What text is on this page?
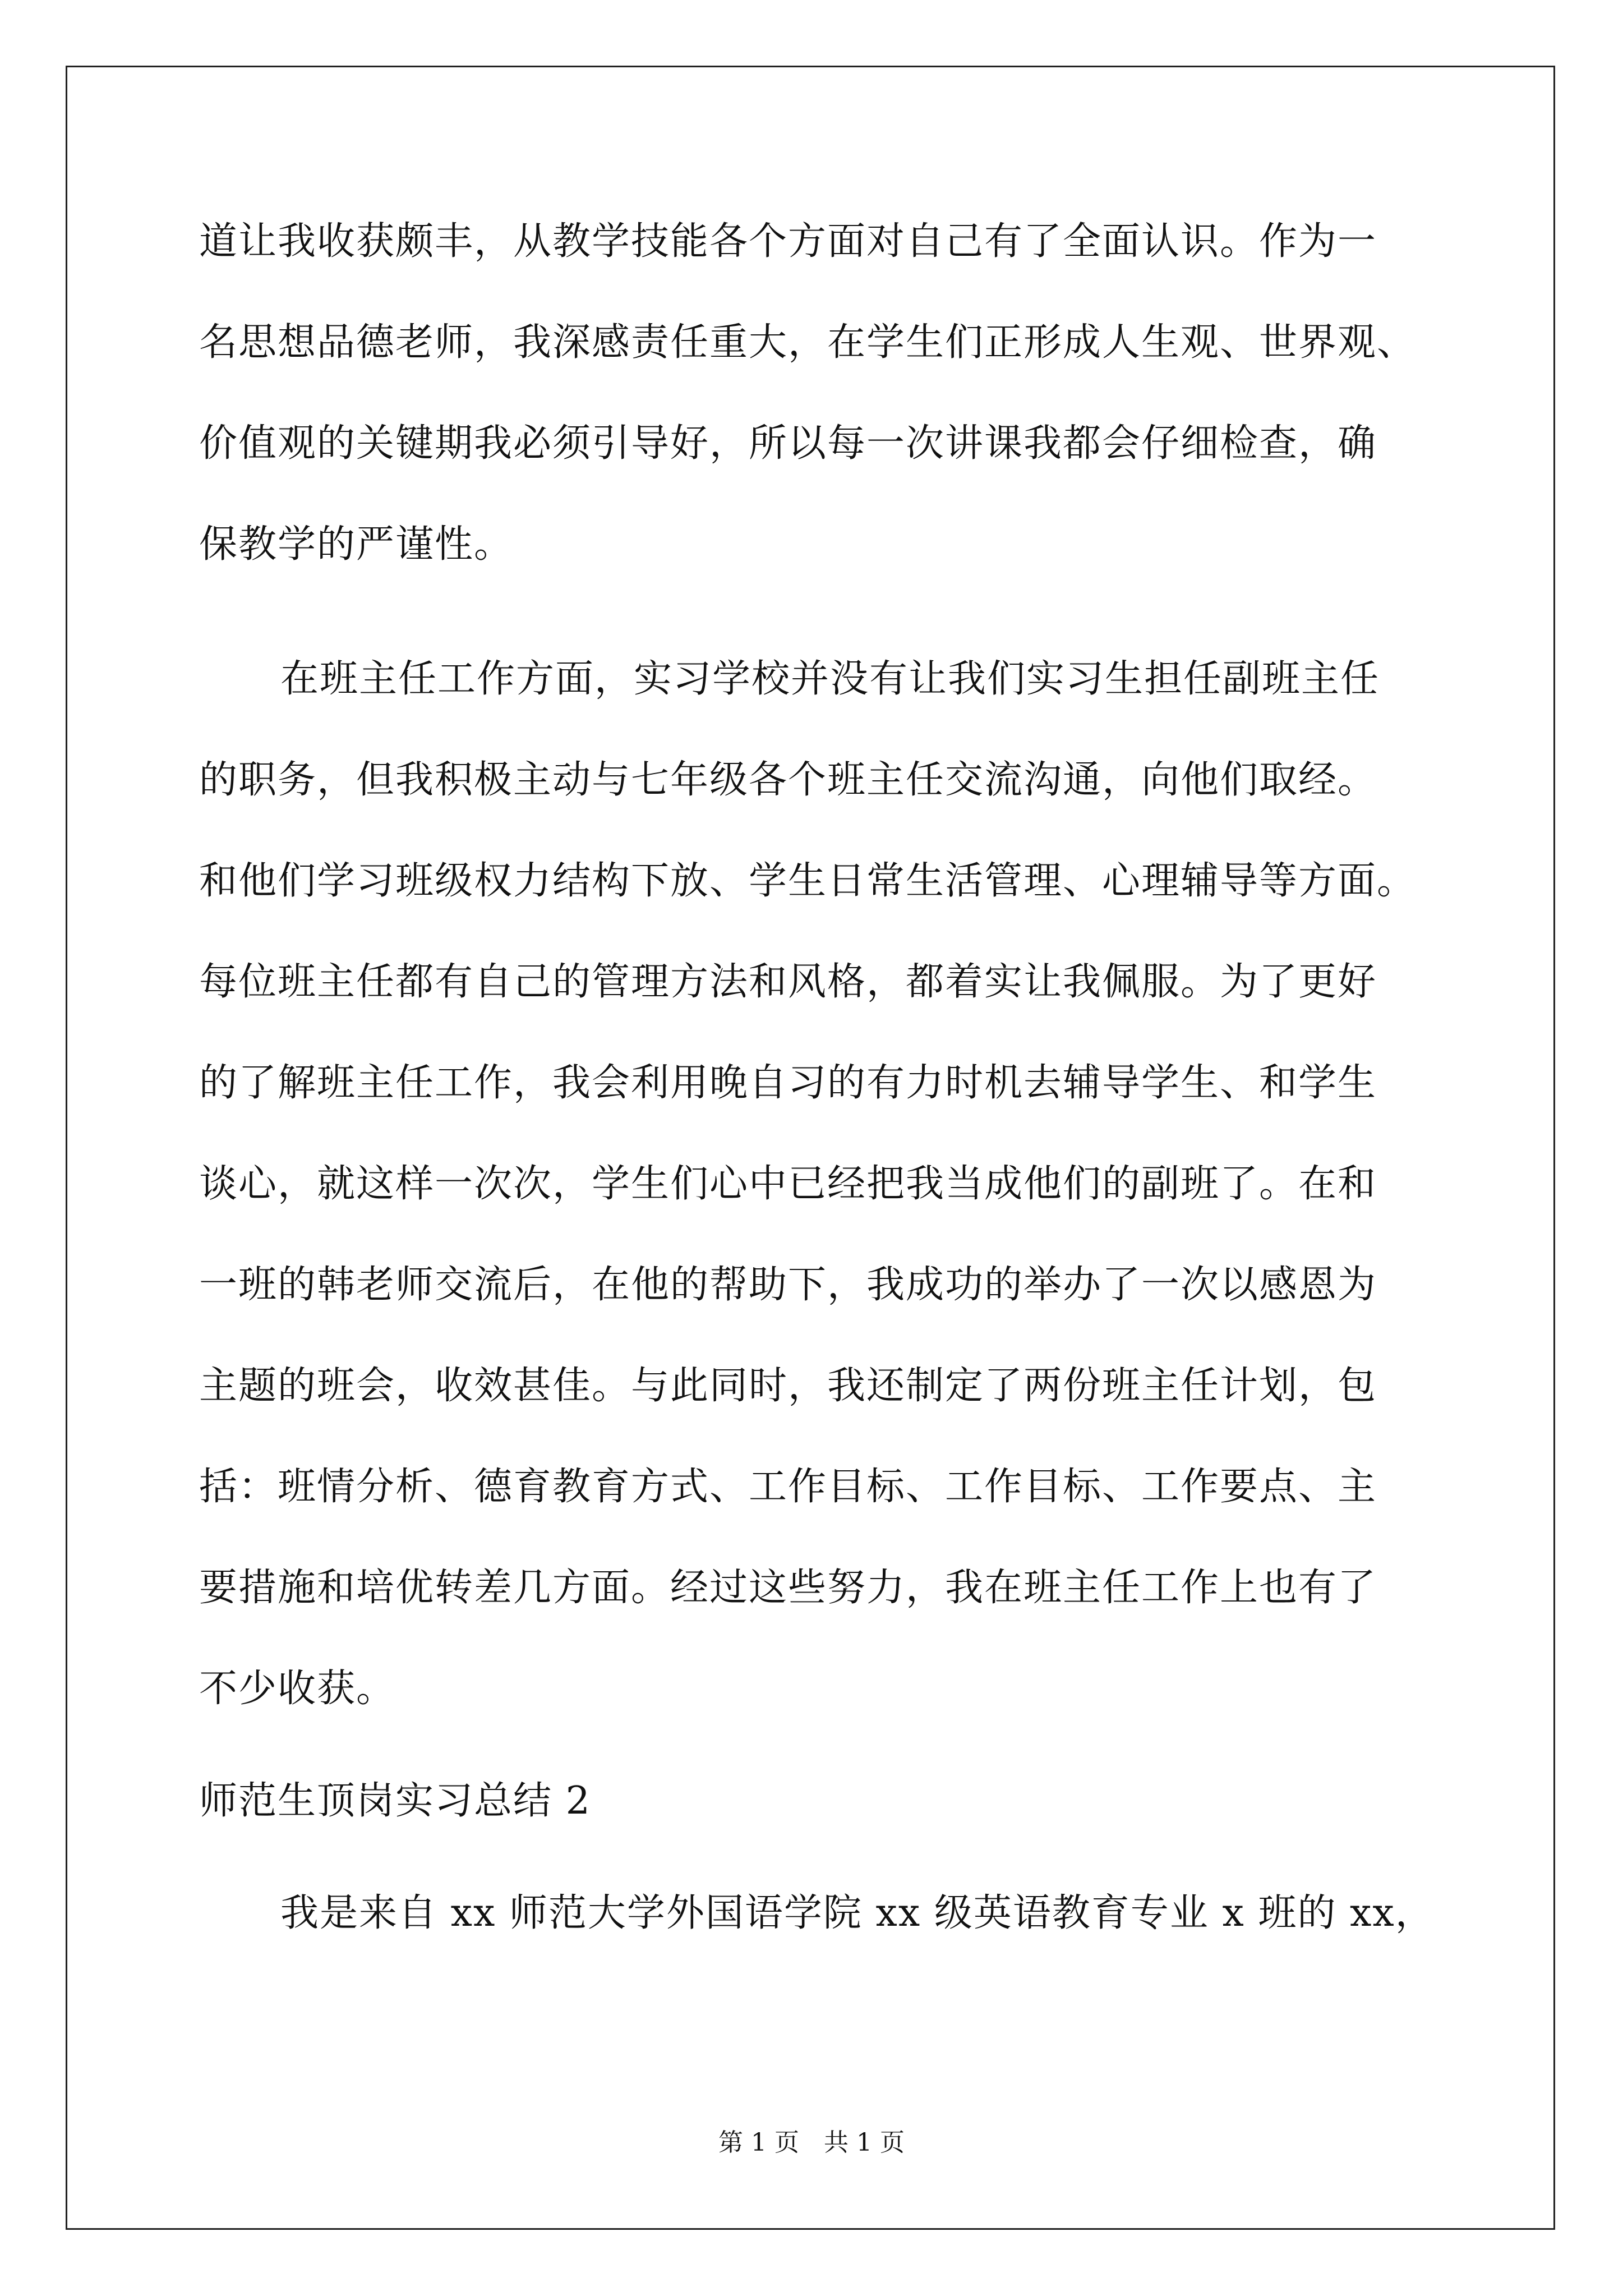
道让我收获颇丰，从教学技能各个方面对自己有了全面认识。作为一
名思想品德老师，我深感责任重大，在学生们正形成人生观、世界观、
价值观的关键期我必须引导好，所以每一次讲课我都会仔细检查，确
保教学的严谨性。
在班主任工作方面，实习学校并没有让我们实习生担任副班主任
的职务，但我积极主动与七年级各个班主任交流沟通，向他们取经。
和他们学习班级权力结构下放、学生日常生活管理、心理辅导等方面。
每位班主任都有自己的管理方法和风格，都着实让我佩服。为了更好
的了解班主任工作，我会利用晚自习的有力时机去辅导学生、和学生
谈心，就这样一次次，学生们心中已经把我当成他们的副班了。在和
一班的韩老师交流后，在他的帮助下，我成功的举办了一次以感恩为
主题的班会，收效甚佳。与此同时，我还制定了两份班主任计划，包
括：班情分析、德育教育方式、工作目标、工作目标、工作要点、主
要措施和培优转差几方面。经过这些努力，我在班主任工作上也有了
不少收获。
师范生顶岗实习总结 2
我是来自 xx 师范大学外国语学院 xx 级英语教育专业 x 班的 xx，
第 1 页　共 1 页
